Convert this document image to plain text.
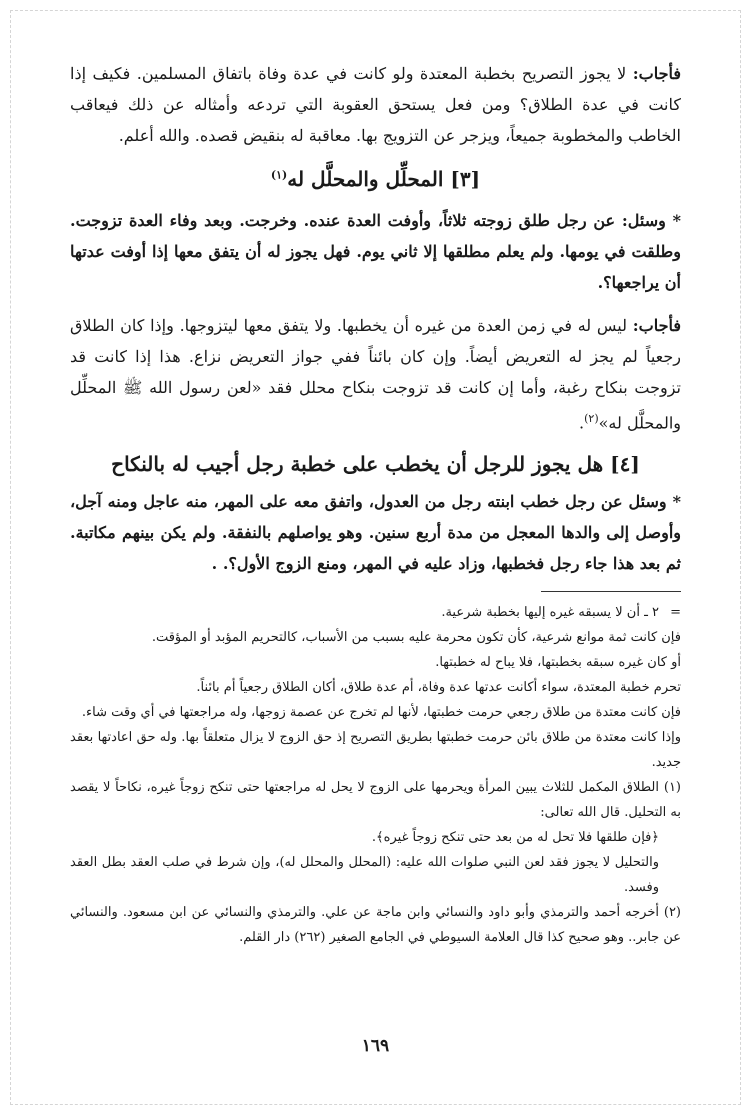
فأجاب: لا يجوز التصريح بخطبة المعتدة ولو كانت في عدة وفاة باتفاق المسلمين. فكيف إذا كانت في عدة الطلاق؟ ومن فعل يستحق العقوبة التي تردعه وأمثاله عن ذلك فيعاقب الخاطب والمخطوبة جميعاً، ويزجر عن التزويج بها. معاقبة له بنقيض قصده. والله أعلم.

[٣] المحلِّل والمحلَّل له$^{(١)}$

* وسئل: عن رجل طلق زوجته ثلاثاً، وأوفت العدة عنده. وخرجت. وبعد وفاء العدة تزوجت. وطلقت في يومها. ولم يعلم مطلقها إلا ثاني يوم. فهل يجوز له أن يتفق معها إذا أوفت عدتها أن يراجعها؟.

فأجاب: ليس له في زمن العدة من غيره أن يخطبها. ولا يتفق معها ليتزوجها. وإذا كان الطلاق رجعياً لم يجز له التعريض أيضاً. وإن كان بائناً ففي جواز التعريض نزاع. هذا إذا كانت قد تزوجت بنكاح رغبة، وأما إن كانت قد تزوجت بنكاح محلل فقد «لعن رسول الله ﷺ المحلِّل والمحلَّل له»$^{(٢)}$.

[٤] هل يجوز للرجل أن يخطب على خطبة رجل أجيب له بالنكاح

* وسئل عن رجل خطب ابنته رجل من العدول، واتفق معه على المهر، منه عاجل ومنه آجل، وأوصل إلى والدها المعجل من مدة أربع سنين. وهو يواصلهم بالنفقة. ولم يكن بينهم مكاتبة. ثم بعد هذا جاء رجل فخطبها، وزاد عليه في المهر، ومنع الزوج الأول؟. .

=٢ ـ أن لا يسبقه غيره إليها بخطبة شرعية.

فإن كانت ثمة موانع شرعية، كأن تكون محرمة عليه بسبب من الأسباب، كالتحريم المؤبد أو المؤقت.

أو كان غيره سبقه بخطبتها، فلا يباح له خطبتها.

تحرم خطبة المعتدة، سواء أكانت عدتها عدة وفاة، أم عدة طلاق، أكان الطلاق رجعياً أم بائناً.

فإن كانت معتدة من طلاق رجعي حرمت خطبتها، لأنها لم تخرج عن عصمة زوجها، وله مراجعتها في أي وقت شاء.

وإذا كانت معتدة من طلاق بائن حرمت خطبتها بطريق التصريح إذ حق الزوج لا يزال متعلقاً بها. وله حق اعادتها بعقد جديد.

(١)الطلاق المكمل للثلاث يبين المرأة ويحرمها على الزوج لا يحل له مراجعتها حتى تنكح زوجاً غيره، نكاحاً لا يقصد به التحليل. قال الله تعالى:

﴿فإن طلقها فلا تحل له من بعد حتى تنكح زوجاً غيره﴾.

والتحليل لا يجوز فقد لعن النبي صلوات الله عليه: (المحلل والمحلل له)، وإن شرط في صلب العقد بطل العقد وفسد.

(٢)أخرجه أحمد والترمذي وأبو داود والنسائي وابن ماجة عن علي. والترمذي والنسائي عن ابن مسعود. والنسائي عن جابر.. وهو صحيح كذا قال العلامة السيوطي في الجامع الصغير (٢٦٢) دار القلم.

١٦٩
